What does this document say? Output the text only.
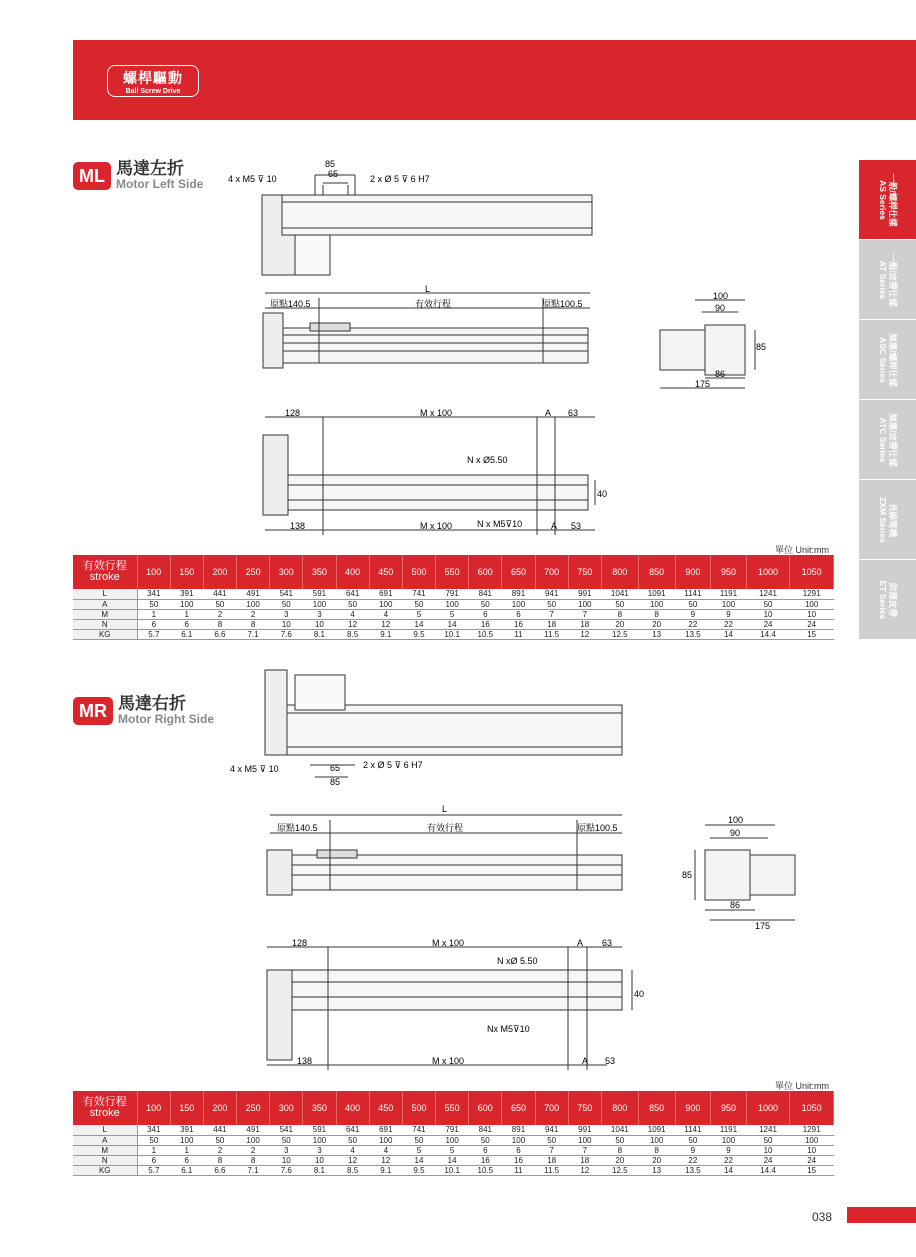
螺桿驅動
Ball Screw Drive
一般/螺桿仕樣
AS Series
一般/皮帶仕樣
AT Series
無塵/螺桿仕樣
ASC Series
無塵/皮帶仕樣
ATC Series
長線電機
ZXM Series
防塵皮帶
ET Series
ML 馬達左折
Motor Left Side
85
65
4 x M5 ⊽ 10	2 x Ø 5 ⊽ 6 H7
L
原點140.5	有效行程	原點100.5
128	M x 100	A 63
N x Ø5.50
40
138	M x 100	N x M5⊽10	A 53
100
90
85
86
175
單位 Unit:mm
有效行程
stroke	100	150	200	250	300	350	400	450	500	550	600	650	700	750	800	850	900	950	1000	1050
L	341	391	441	491	541	591	641	691	741	791	841	891	941	991	1041	1091	1141	1191	1241	1291
A	50	100	50	100	50	100	50	100	50	100	50	100	50	100	50	100	50	100	50	100
M	1	1	2	2	3	3	4	4	5	5	6	6	7	7	8	8	9	9	10	10
N	6	6	8	8	10	10	12	12	14	14	16	16	18	18	20	20	22	22	24	24
KG	5.7	6.1	6.6	7.1	7.6	8.1	8.5	9.1	9.5	10.1	10.5	11	11.5	12	12.5	13	13.5	14	14.4	15
MR 馬達右折
Motor Right Side
4 x M5 ⊽ 10	65
85
2 x Ø 5 ⊽ 6 H7
L
原點140.5	有效行程	原點100.5
128	M x 100	A 63
N xØ 5.50
40
Nx M5⊽10
138	M x 100	A 53
100
90
85
86
175
單位 Unit:mm
有效行程
stroke	100	150	200	250	300	350	400	450	500	550	600	650	700	750	800	850	900	950	1000	1050
L	341	391	441	491	541	591	641	691	741	791	841	891	941	991	1041	1091	1141	1191	1241	1291
A	50	100	50	100	50	100	50	100	50	100	50	100	50	100	50	100	50	100	50	100
M	1	1	2	2	3	3	4	4	5	5	6	6	7	7	8	8	9	9	10	10
N	6	6	8	8	10	10	12	12	14	14	16	16	18	18	20	20	22	22	24	24
KG	5.7	6.1	6.6	7.1	7.6	8.1	8.5	9.1	9.5	10.1	10.5	11	11.5	12	12.5	13	13.5	14	14.4	15
038
